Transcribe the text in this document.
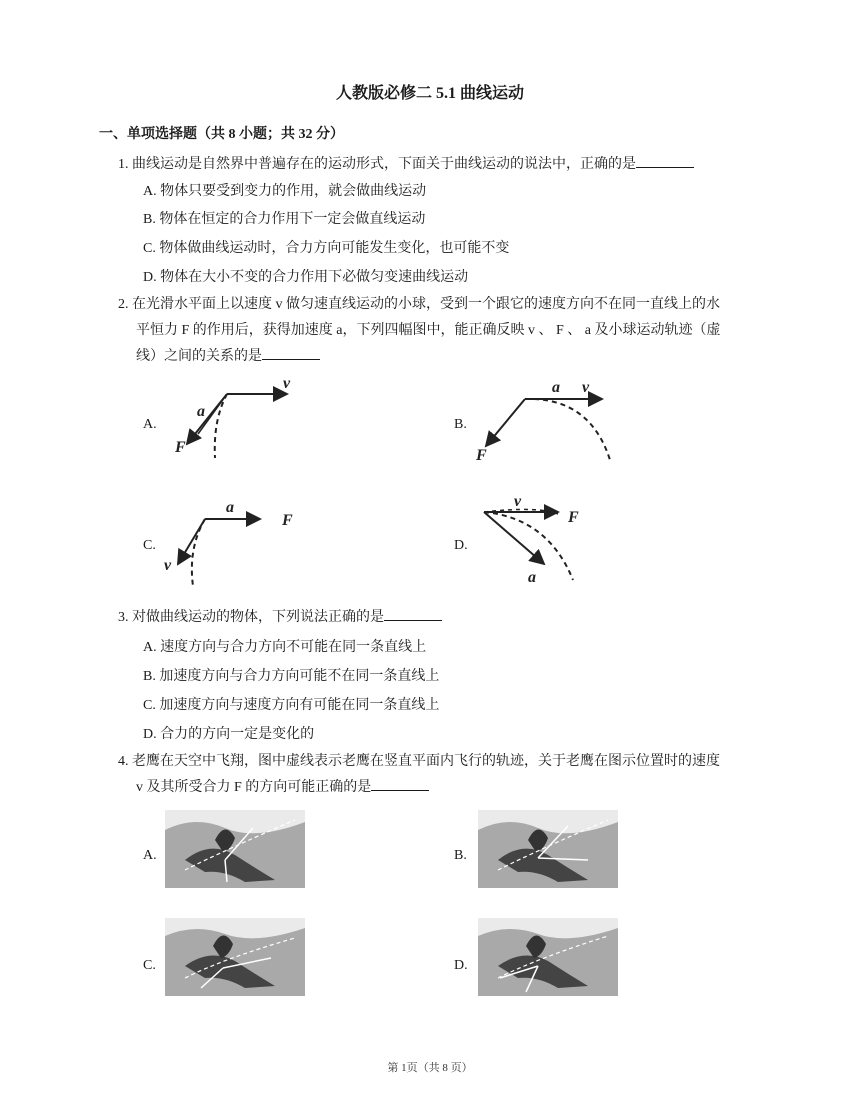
人教版必修二 5.1 曲线运动
一、单项选择题（共 8 小题；共 32 分）
1. 曲线运动是自然界中普遍存在的运动形式，下面关于曲线运动的说法中，正确的是
A. 物体只要受到变力的作用，就会做曲线运动
B. 物体在恒定的合力作用下一定会做直线运动
C. 物体做曲线运动时，合力方向可能发生变化，也可能不变
D. 物体在大小不变的合力作用下必做匀变速曲线运动
2. 在光滑水平面上以速度 v 做匀速直线运动的小球，受到一个跟它的速度方向不在同一直线上的水
平恒力 F 的作用后，获得加速度 a，下列四幅图中，能正确反映 v 、 F 、 a 及小球运动轨迹（虚
线）之间的关系的是
A.	B.
C.	D.
v
a
F
a v
F
a
F
v
v
F
a
3. 对做曲线运动的物体，下列说法正确的是
A. 速度方向与合力方向不可能在同一条直线上
B. 加速度方向与合力方向可能不在同一条直线上
C. 加速度方向与速度方向有可能在同一条直线上
D. 合力的方向一定是变化的
4. 老鹰在天空中飞翔，图中虚线表示老鹰在竖直平面内飞行的轨迹，关于老鹰在图示位置时的速度
v 及其所受合力 F 的方向可能正确的是
A.	B.
C.	D.
第 1页（共 8 页）
